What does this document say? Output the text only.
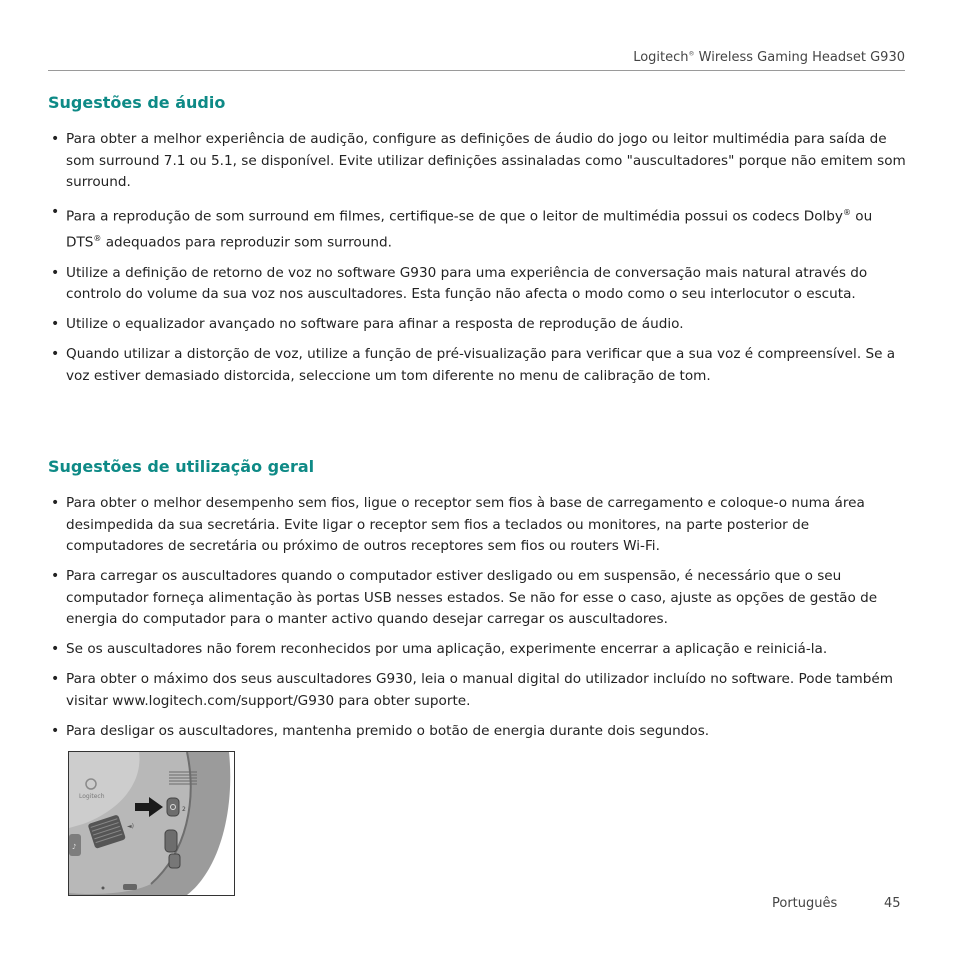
Logitech® Wireless Gaming Headset G930
Sugestões de áudio
• Para obter a melhor experiência de audição, configure as definições de áudio do jogo ou leitor multimédia para saída de som surround 7.1 ou 5.1, se disponível. Evite utilizar definições assinaladas como "auscultadores" porque não emitem som surround.
• Para a reprodução de som surround em filmes, certifique-se de que o leitor de multimédia possui os codecs Dolby® ou DTS® adequados para reproduzir som surround.
• Utilize a definição de retorno de voz no software G930 para uma experiência de conversação mais natural através do controlo do volume da sua voz nos auscultadores. Esta função não afecta o modo como o seu interlocutor o escuta.
• Utilize o equalizador avançado no software para afinar a resposta de reprodução de áudio.
• Quando utilizar a distorção de voz, utilize a função de pré-visualização para verificar que a sua voz é compreensível. Se a voz estiver demasiado distorcida, seleccione um tom diferente no menu de calibração de tom.
Sugestões de utilização geral
• Para obter o melhor desempenho sem fios, ligue o receptor sem fios à base de carregamento e coloque-o numa área desimpedida da sua secretária. Evite ligar o receptor sem fios a teclados ou monitores, na parte posterior de computadores de secretária ou próximo de outros receptores sem fios ou routers Wi-Fi.
• Para carregar os auscultadores quando o computador estiver desligado ou em suspensão, é necessário que o seu computador forneça alimentação às portas USB nesses estados. Se não for esse o caso, ajuste as opções de gestão de energia do computador para o manter activo quando desejar carregar os auscultadores.
• Se os auscultadores não forem reconhecidos por uma aplicação, experimente encerrar a aplicação e reiniciá-la.
• Para obter o máximo dos seus auscultadores G930, leia o manual digital do utilizador incluído no software. Pode também visitar www.logitech.com/support/G930 para obter suporte.
• Para desligar os auscultadores, mantenha premido o botão de energia durante dois segundos.
Logitech
◄)
♪
2
Português	45
